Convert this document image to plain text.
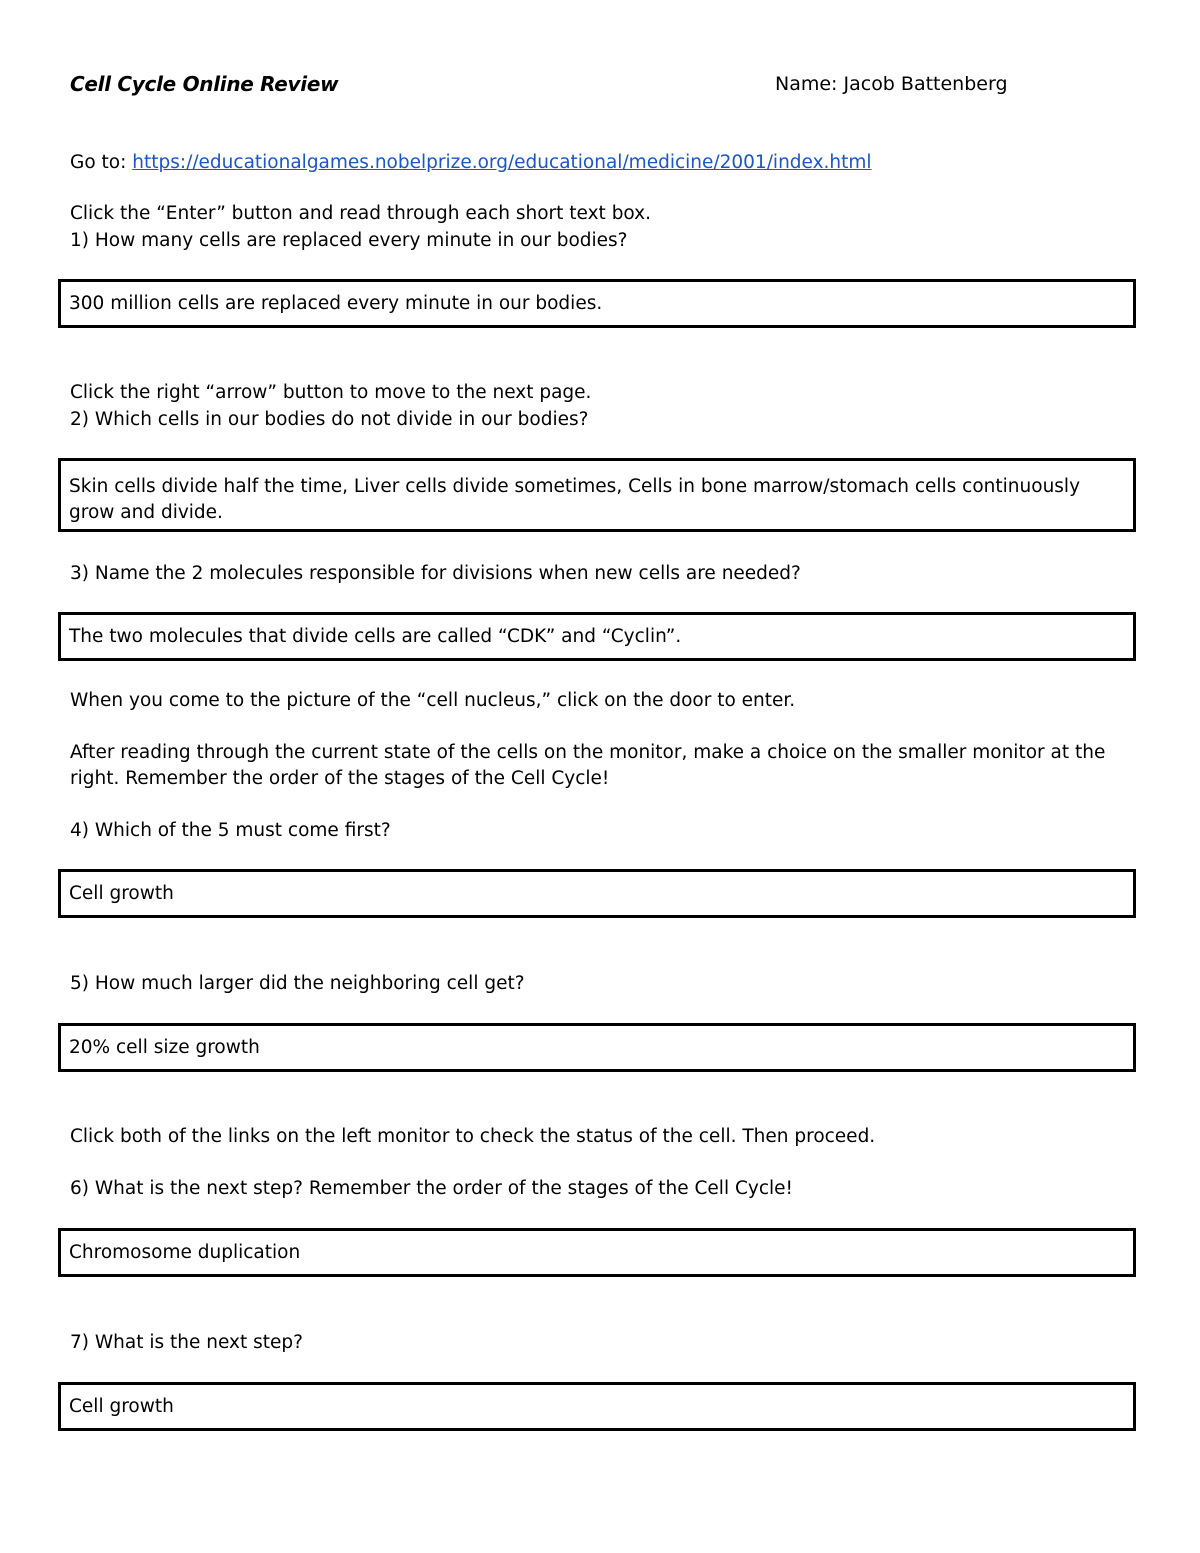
Cell Cycle Online Review	Name: Jacob Battenberg
Go to: https://educationalgames.nobelprize.org/educational/medicine/2001/index.html
Click the “Enter” button and read through each short text box.
1) How many cells are replaced every minute in our bodies?
300 million cells are replaced every minute in our bodies.
Click the right “arrow” button to move to the next page.
2) Which cells in our bodies do not divide in our bodies?
Skin cells divide half the time, Liver cells divide sometimes, Cells in bone marrow/stomach cells continuously grow and divide.
3) Name the 2 molecules responsible for divisions when new cells are needed?
The two molecules that divide cells are called “CDK” and “Cyclin”.
When you come to the picture of the “cell nucleus,” click on the door to enter.
After reading through the current state of the cells on the monitor, make a choice on the smaller monitor at the right. Remember the order of the stages of the Cell Cycle!
4) Which of the 5 must come first?
Cell growth
5) How much larger did the neighboring cell get?
20% cell size growth
Click both of the links on the left monitor to check the status of the cell. Then proceed.
6) What is the next step? Remember the order of the stages of the Cell Cycle!
Chromosome duplication
7) What is the next step?
Cell growth
